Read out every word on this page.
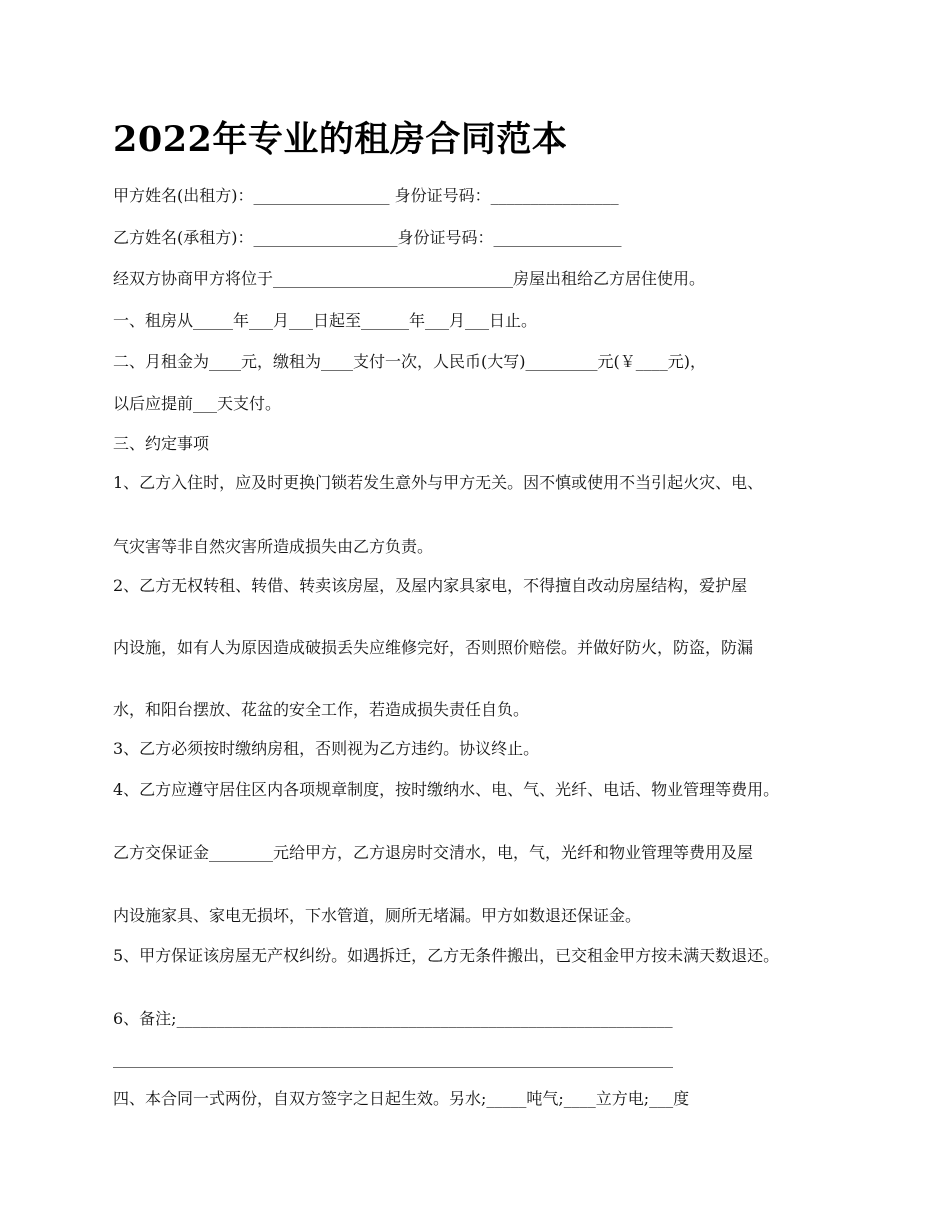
2022年专业的租房合同范本

甲方姓名(出租方)：_________________ 身份证号码：________________

乙方姓名(承租方)：__________________身份证号码：________________

经双方协商甲方将位于______________________________房屋出租给乙方居住使用。

一、租房从_____年___月___日起至______年___月___日止。

二、月租金为____元，缴租为____支付一次，人民币(大写)_________元(￥____元)，

以后应提前___天支付。

三、约定事项

1、乙方入住时，应及时更换门锁若发生意外与甲方无关。因不慎或使用不当引起火灾、电、

气灾害等非自然灾害所造成损失由乙方负责。

2、乙方无权转租、转借、转卖该房屋，及屋内家具家电，不得擅自改动房屋结构，爱护屋

内设施，如有人为原因造成破损丢失应维修完好，否则照价赔偿。并做好防火，防盗，防漏

水，和阳台摆放、花盆的安全工作，若造成损失责任自负。

3、乙方必须按时缴纳房租，否则视为乙方违约。协议终止。

4、乙方应遵守居住区内各项规章制度，按时缴纳水、电、气、光纤、电话、物业管理等费用。

乙方交保证金________元给甲方，乙方退房时交清水，电，气，光纤和物业管理等费用及屋

内设施家具、家电无损坏，下水管道，厕所无堵漏。甲方如数退还保证金。

5、甲方保证该房屋无产权纠纷。如遇拆迁，乙方无条件搬出，已交租金甲方按未满天数退还。

6、备注;______________________________________________________________

______________________________________________________________________

四、本合同一式两份，自双方签字之日起生效。另水;_____吨气;____立方电;___度
